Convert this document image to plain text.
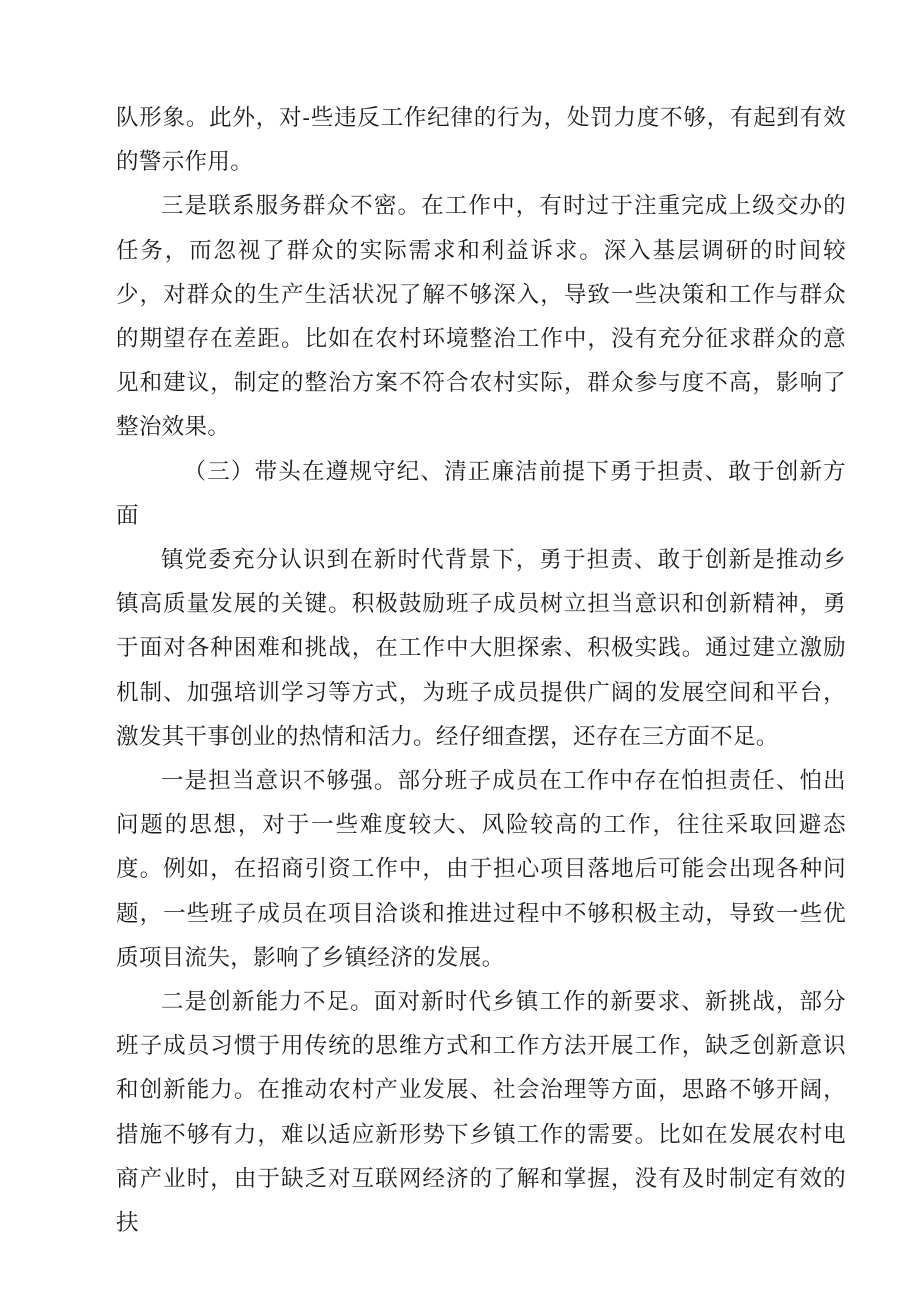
队形象。此外，对-些违反工作纪律的行为，处罚力度不够，有起到有效的警示作用。

三是联系服务群众不密。在工作中，有时过于注重完成上级交办的任务，而忽视了群众的实际需求和利益诉求。深入基层调研的时间较少，对群众的生产生活状况了解不够深入，导致一些决策和工作与群众的期望存在差距。比如在农村环境整治工作中，没有充分征求群众的意见和建议，制定的整治方案不符合农村实际，群众参与度不高，影响了整治效果。

（三）带头在遵规守纪、清正廉洁前提下勇于担责、敢于创新方面

镇党委充分认识到在新时代背景下，勇于担责、敢于创新是推动乡镇高质量发展的关键。积极鼓励班子成员树立担当意识和创新精神，勇于面对各种困难和挑战，在工作中大胆探索、积极实践。通过建立激励机制、加强培训学习等方式，为班子成员提供广阔的发展空间和平台，激发其干事创业的热情和活力。经仔细查摆，还存在三方面不足。

一是担当意识不够强。部分班子成员在工作中存在怕担责任、怕出问题的思想，对于一些难度较大、风险较高的工作，往往采取回避态度。例如，在招商引资工作中，由于担心项目落地后可能会出现各种问题，一些班子成员在项目洽谈和推进过程中不够积极主动，导致一些优质项目流失，影响了乡镇经济的发展。

二是创新能力不足。面对新时代乡镇工作的新要求、新挑战，部分班子成员习惯于用传统的思维方式和工作方法开展工作，缺乏创新意识和创新能力。在推动农村产业发展、社会治理等方面，思路不够开阔，措施不够有力，难以适应新形势下乡镇工作的需要。比如在发展农村电商产业时，由于缺乏对互联网经济的了解和掌握，没有及时制定有效的扶
